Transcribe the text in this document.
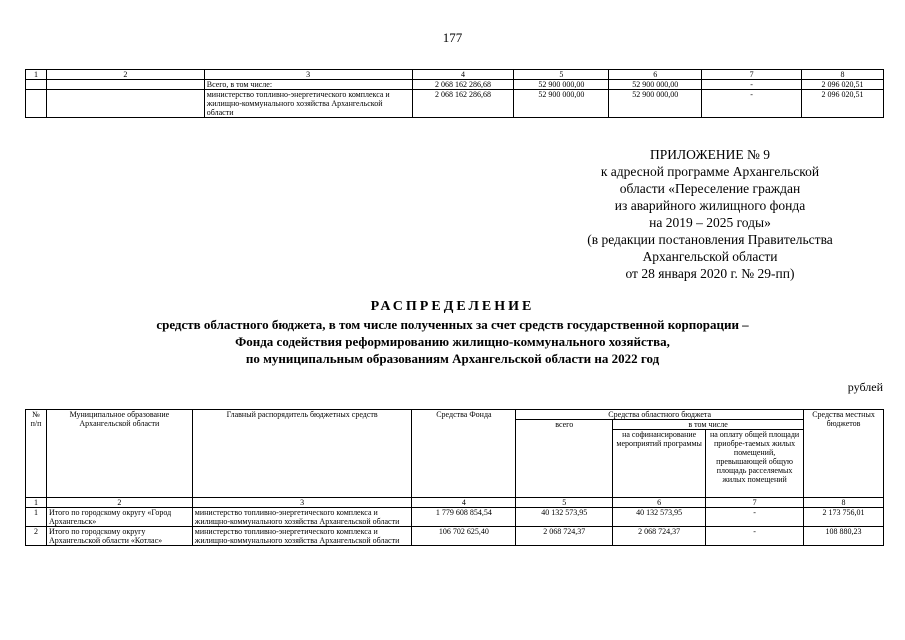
177
1	2	3	4	5	6	7	8
		Всего, в том числе:	2 068 162 286,68	52 900 000,00	52 900 000,00	-	2 096 020,51
		министерство топливно-энергетического комплекса и жилищно-коммунального хозяйства Архангельской области	2 068 162 286,68	52 900 000,00	52 900 000,00	-	2 096 020,51
ПРИЛОЖЕНИЕ № 9
к адресной программе Архангельской
области «Переселение граждан
из аварийного жилищного фонда
на 2019 – 2025 годы»
(в редакции постановления Правительства
Архангельской области
от 28 января 2020 г. № 29-пп)
РАСПРЕДЕЛЕНИЕ
средств областного бюджета, в том числе полученных за счет средств государственной корпорации –
Фонда содействия реформированию жилищно-коммунального хозяйства,
по муниципальным образованиям Архангельской области на 2022 год
рублей
№ п/п	Муниципальное образование Архангельской области	Главный распорядитель бюджетных средств	Средства Фонда	Средства областного бюджета			Средства местных бюджетов
				всего	в том числе		
					на софинансирование мероприятий программы	на оплату общей площади приобре-таемых жилых помещений, превышающей общую площадь расселяемых жилых помещений	
1	2	3	4	5	6	7	8
1	Итого по городскому округу «Город Архангельск»	министерство топливно-энергетического комплекса и жилищно-коммунального хозяйства Архангельской области	1 779 608 854,54	40 132 573,95	40 132 573,95	-	2 173 756,01
2	Итого по городскому округу Архангельской области «Котлас»	министерство топливно-энергетического комплекса и жилищно-коммунального хозяйства Архангельской области	106 702 625,40	2 068 724,37	2 068 724,37	-	108 880,23
